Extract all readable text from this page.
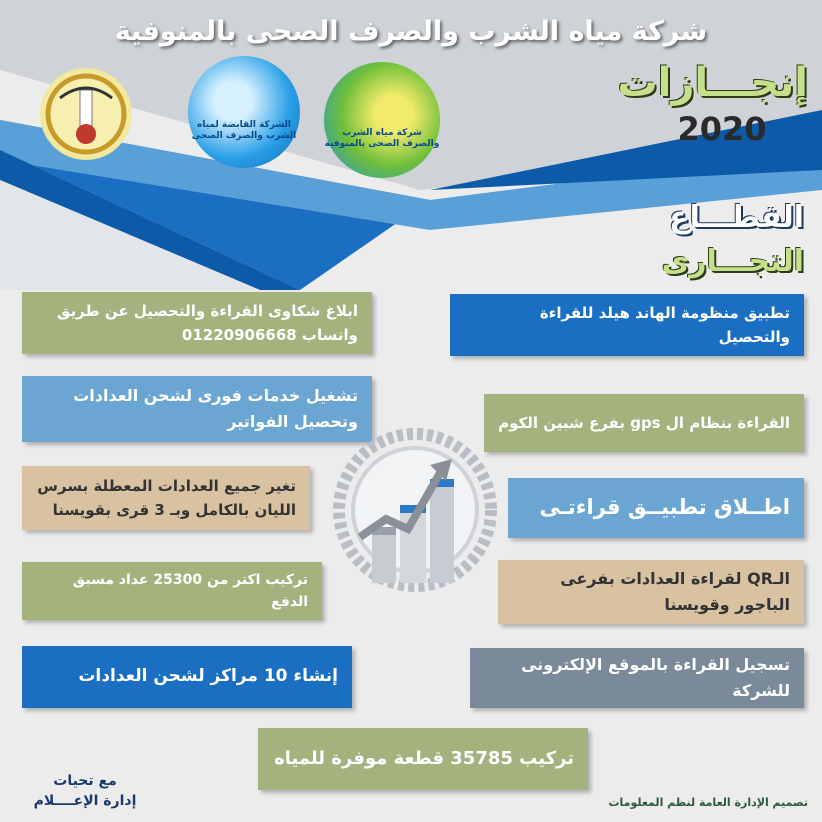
شركة مياه الشرب والصرف الصحى بالمنوفية
الشركة القابضة لمياه الشرب والصرف الصحى	شركة مياه الشرب والصرف الصحى بالمنوفية
إنجـــازات
2020
القطـــاع
التجـــارى
ابلاغ شكاوى القراءة والتحصيل عن طريق واتساب 01220906668
تشغيل خدمات فورى لشحن العدادات وتحصيل الفواتير
تغير جميع العدادات المعطلة بسرس الليان بالكامل وبـ 3 قرى بقويسنا
تركيب اكتر من 25300 عداد مسبق الدفع
إنشاء 10 مراكز لشحن العدادات
تطبيق منظومة الهاند هيلد للقراءة والتحصيل
القراءة بنظام ال gps بفرع شبين الكوم
اطــلاق تطبيــق قراءتـى
الـQR لقراءة العدادات بفرعى الباجور وقويسنا
تسجيل القراءة بالموقع الإلكترونى للشركة
تركيب 35785 قطعة موفرة للمياه
مع تحيات
إدارة الإعــــلام	تصميم الإدارة العامة لنظم المعلومات
